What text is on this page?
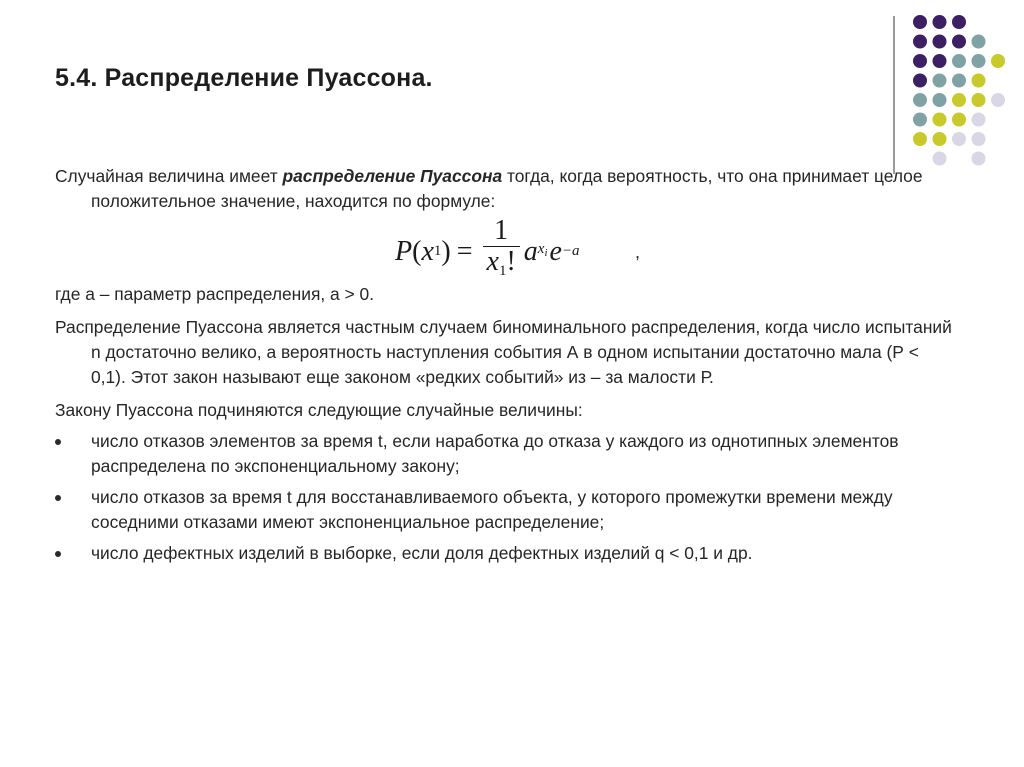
5.4. Распределение Пуассона.

Случайная величина имеет распределение Пуассона тогда, когда вероятность, что она принимает целое положительное значение, находится по формуле:

P ( x 1 ) = $\frac{1}{x_1!}$ a $x_i$ e −a	,

где a – параметр распределения, a > 0.

Распределение Пуассона является частным случаем биноминального распределения, когда число испытаний n достаточно велико, а вероятность наступления события А в одном испытании достаточно мала (Р < 0,1). Этот закон называют еще законом «редких событий» из – за малости Р.

Закону Пуассона подчиняются следующие случайные величины:

число отказов элементов за время t, если наработка до отказа у каждого из однотипных элементов распределена по экспоненциальному закону;
число отказов за время t для восстанавливаемого объекта, у которого промежутки времени между соседними отказами имеют экспоненциальное распределение;
число дефектных изделий в выборке, если доля дефектных изделий q < 0,1 и др.
